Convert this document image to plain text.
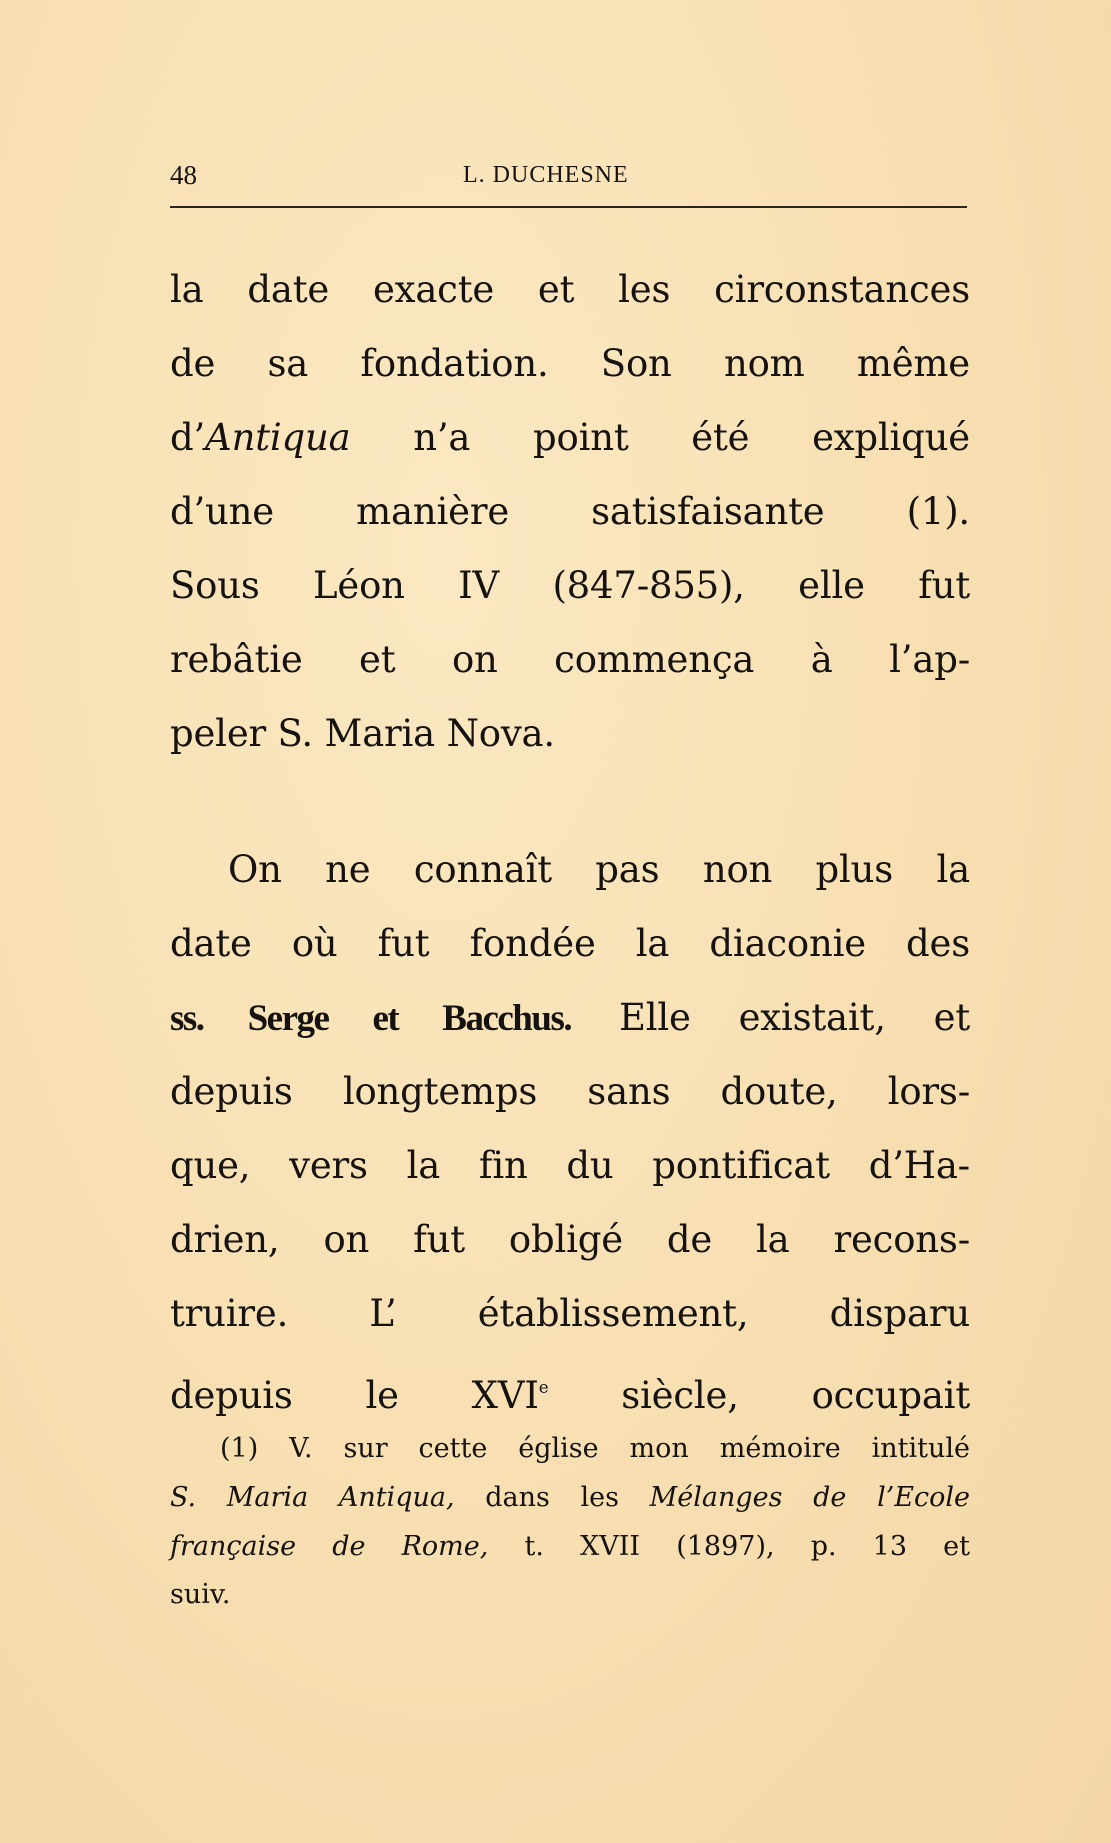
48	L. DUCHESNE
la date exacte et les circonstances
de sa fondation. Son nom même
d’Antiqua n’a point été expliqué
d’une manière satisfaisante (1).
Sous Léon IV (847-855), elle fut
rebâtie et on commença à l’ap-
peler S. Maria Nova.
On ne connaît pas non plus la
date où fut fondée la diaconie des
ss. Serge et Bacchus. Elle existait, et
depuis longtemps sans doute, lors-
que, vers la fin du pontificat d’Ha-
drien, on fut obligé de la recons-
truire. L’ établissement, disparu
depuis le XVIe siècle, occupait
(1) V. sur cette église mon mémoire intitulé
S. Maria Antiqua, dans les Mélanges de l’Ecole
française de Rome, t. XVII (1897), p. 13 et
suiv.
